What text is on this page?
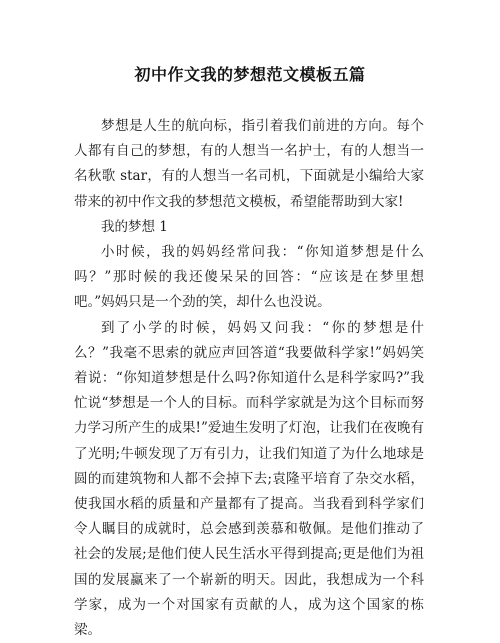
初中作文我的梦想范文模板五篇

梦想是人生的航向标，指引着我们前进的方向。每个人都有自己的梦想，有的人想当一名护士，有的人想当一名秋歌 star，有的人想当一名司机，下面就是小编给大家带来的初中作文我的梦想范文模板，希望能帮助到大家!

我的梦想 1

小时候，我的妈妈经常问我：“你知道梦想是什么吗？”那时候的我还傻呆呆的回答：“应该是在梦里想吧。”妈妈只是一个劲的笑，却什么也没说。

到了小学的时候，妈妈又问我：“你的梦想是什么？”我毫不思索的就应声回答道“我要做科学家!”妈妈笑着说：“你知道梦想是什么吗?你知道什么是科学家吗?”我忙说“梦想是一个人的目标。而科学家就是为这个目标而努力学习所产生的成果!”爱迪生发明了灯泡，让我们在夜晚有了光明;牛顿发现了万有引力，让我们知道了为什么地球是圆的而建筑物和人都不会掉下去;袁隆平培育了杂交水稻，使我国水稻的质量和产量都有了提高。当我看到科学家们令人瞩目的成就时，总会感到羡慕和敬佩。是他们推动了社会的发展;是他们使人民生活水平得到提高;更是他们为祖国的发展赢来了一个崭新的明天。因此，我想成为一个科学家，成为一个对国家有贡献的人，成为这个国家的栋梁。
